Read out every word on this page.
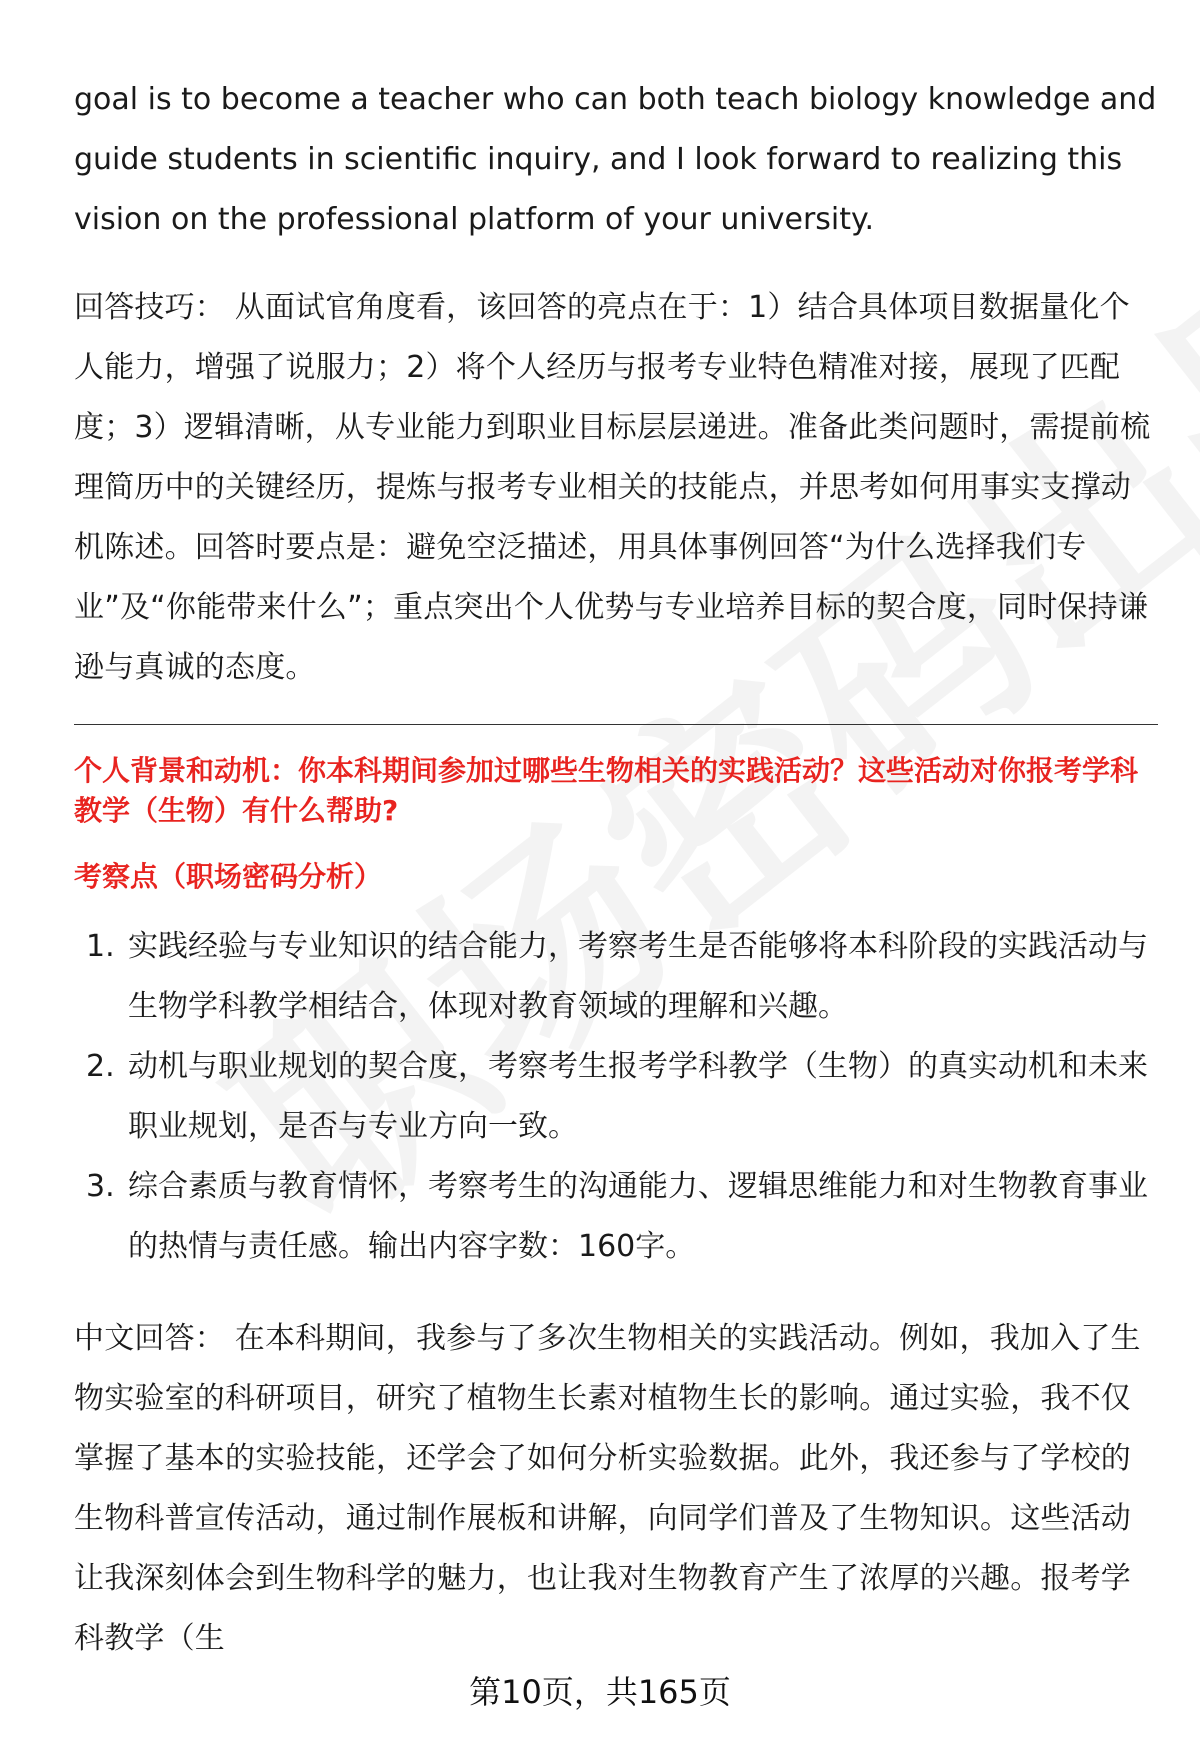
goal is to become a teacher who can both teach biology knowledge and guide students in scientific inquiry, and I look forward to realizing this vision on the professional platform of your university.

回答技巧： 从面试官角度看，该回答的亮点在于：1）结合具体项目数据量化个人能力，增强了说服力；2）将个人经历与报考专业特色精准对接，展现了匹配度；3）逻辑清晰，从专业能力到职业目标层层递进。准备此类问题时，需提前梳理简历中的关键经历，提炼与报考专业相关的技能点，并思考如何用事实支撑动机陈述。回答时要点是：避免空泛描述，用具体事例回答“为什么选择我们专业”及“你能带来什么”；重点突出个人优势与专业培养目标的契合度，同时保持谦逊与真诚的态度。

个人背景和动机：你本科期间参加过哪些生物相关的实践活动？这些活动对你报考学科教学（生物）有什么帮助?

考察点（职场密码分析）

1. 实践经验与专业知识的结合能力，考察考生是否能够将本科阶段的实践活动与生物学科教学相结合，体现对教育领域的理解和兴趣。
2. 动机与职业规划的契合度，考察考生报考学科教学（生物）的真实动机和未来职业规划，是否与专业方向一致。
3. 综合素质与教育情怀，考察考生的沟通能力、逻辑思维能力和对生物教育事业的热情与责任感。输出内容字数：160字。

中文回答： 在本科期间，我参与了多次生物相关的实践活动。例如，我加入了生物实验室的科研项目，研究了植物生长素对植物生长的影响。通过实验，我不仅掌握了基本的实验技能，还学会了如何分析实验数据。此外，我还参与了学校的生物科普宣传活动，通过制作展板和讲解，向同学们普及了生物知识。这些活动让我深刻体会到生物科学的魅力，也让我对生物教育产生了浓厚的兴趣。报考学科教学（生

第10页，共165页
